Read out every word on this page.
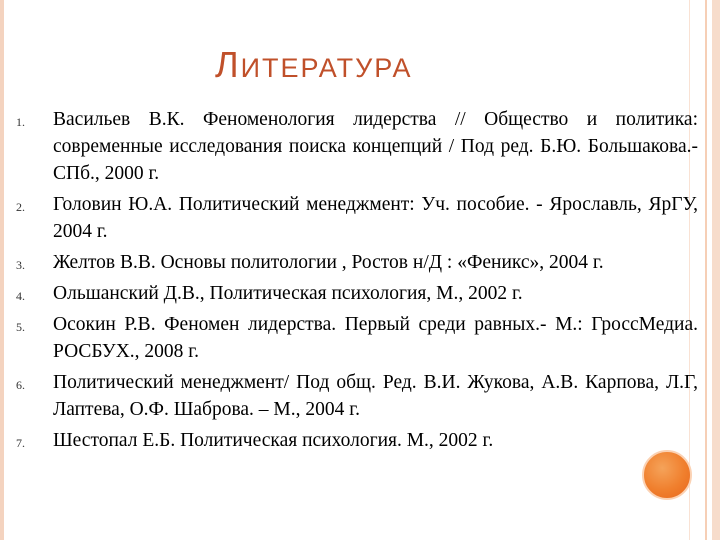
ЛИТЕРАТУРА
1. Васильев В.К. Феноменология лидерства // Общество и политика: современные исследования поиска концепций / Под ред. Б.Ю. Большакова.- СПб., 2000 г.
2. Головин Ю.А. Политический менеджмент: Уч. пособие. - Ярославль, ЯрГУ, 2004 г.
3. Желтов В.В. Основы политологии , Ростов н/Д : «Феникс», 2004 г.
4. Ольшанский Д.В., Политическая психология, М., 2002 г.
5. Осокин Р.В. Феномен лидерства. Первый среди равных.- М.: ГроссМедиа. РОСБУХ., 2008 г.
6. Политический менеджмент/ Под общ. Ред. В.И. Жукова, А.В. Карпова, Л.Г, Лаптева, О.Ф. Шаброва. – М., 2004 г.
7. Шестопал Е.Б. Политическая психология. М., 2002 г.
